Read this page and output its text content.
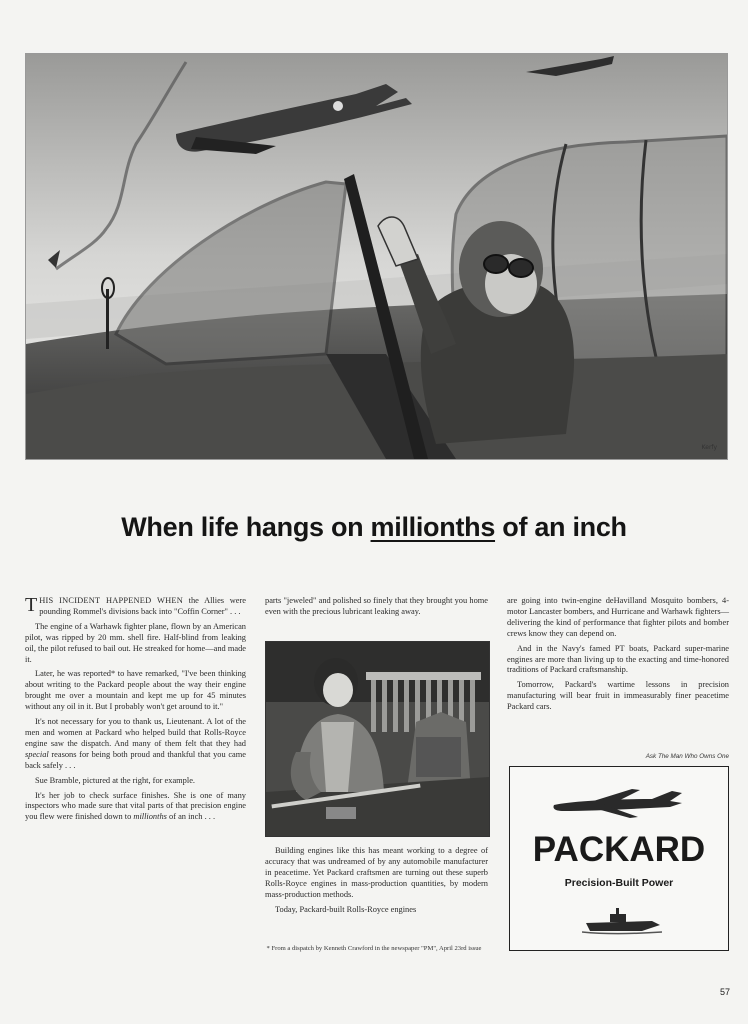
Kerfy
When life hangs on millionths of an inch

THIS INCIDENT HAPPENED WHEN the Allies were pounding Rommel's divisions back into "Coffin Corner" . . .

The engine of a Warhawk fighter plane, flown by an American pilot, was ripped by 20 mm. shell fire. Half-blind from leaking oil, the pilot refused to bail out. He streaked for home—and made it.

Later, he was reported* to have remarked, "I've been thinking about writing to the Packard people about the way their engine brought me over a mountain and kept me up for 45 minutes without any oil in it. But I probably won't get around to it."

It's not necessary for you to thank us, Lieutenant. A lot of the men and women at Packard who helped build that Rolls-Royce engine saw the dispatch. And many of them felt that they had special reasons for being both proud and thankful that you came back safely . . .

Sue Bramble, pictured at the right, for example.

It's her job to check surface finishes. She is one of many inspectors who made sure that vital parts of that precision engine you flew were finished down to millionths of an inch . . .

parts "jeweled" and polished so finely that they brought you home even with the precious lubricant leaking away.

Building engines like this has meant working to a degree of accuracy that was undreamed of by any automobile manufacturer in peacetime. Yet Packard craftsmen are turning out these superb Rolls-Royce engines in mass-production quantities, by modern mass-production methods.

Today, Packard-built Rolls-Royce engines

are going into twin-engine deHavilland Mosquito bombers, 4-motor Lancaster bombers, and Hurricane and Warhawk fighters—delivering the kind of performance that fighter pilots and bomber crews know they can depend on.

And in the Navy's famed PT boats, Packard super-marine engines are more than living up to the exacting and time-honored traditions of Packard craftsmanship.

Tomorrow, Packard's wartime lessons in precision manufacturing will bear fruit in immeasurably finer peacetime Packard cars.

Ask The Man Who Owns One
PACKARD
Precision-Built Power
* From a dispatch by Kenneth Crawford in the newspaper "PM", April 23rd issue
57
